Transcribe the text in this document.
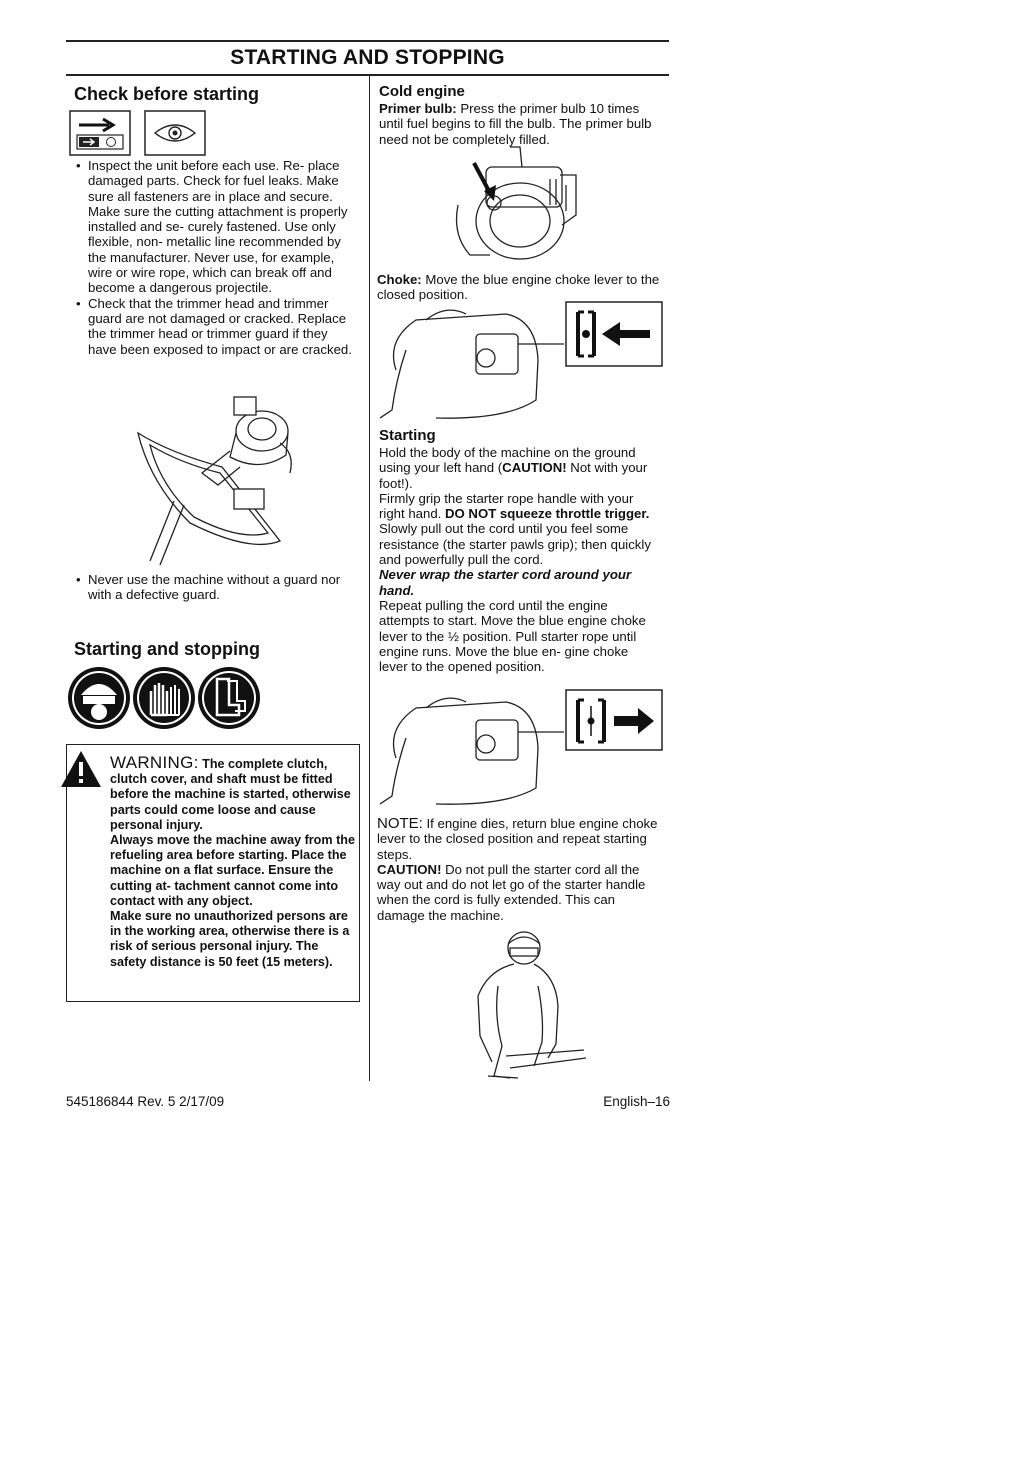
STARTING AND STOPPING
Check before starting
• Inspect the unit before each use. Re- place damaged parts. Check for fuel leaks. Make sure all fasteners are in place and secure. Make sure the cutting attachment is properly installed and se- curely fastened. Use only flexible, non- metallic line recommended by the manufacturer. Never use, for example, wire or wire rope, which can break off and become a dangerous projectile.
• Check that the trimmer head and trimmer guard are not damaged or cracked. Replace the trimmer head or trimmer guard if they have been exposed to impact or are cracked.
• Never use the machine without a guard nor with a defective guard.
Starting and stopping
WARNING: The complete clutch, clutch cover, and shaft must be fitted before the machine is started, otherwise parts could come loose and cause personal injury.
Always move the machine away from the refueling area before starting. Place the machine on a flat surface. Ensure the cutting at- tachment cannot come into contact with any object.
Make sure no unauthorized persons are in the working area, otherwise there is a risk of serious personal injury. The safety distance is 50 feet (15 meters).
Cold engine
Primer bulb: Press the primer bulb 10 times until fuel begins to fill the bulb. The primer bulb need not be completely filled.
Choke: Move the blue engine choke lever to the closed position.
Starting
Hold the body of the machine on the ground using your left hand (CAUTION! Not with your foot!).
Firmly grip the starter rope handle with your right hand. DO NOT squeeze throttle trigger. Slowly pull out the cord until you feel some resistance (the starter pawls grip); then quickly and powerfully pull the cord.
Never wrap the starter cord around your hand.
Repeat pulling the cord until the engine attempts to start. Move the blue engine choke lever to the ½ position. Pull starter rope until engine runs. Move the blue en- gine choke lever to the opened position.
NOTE: If engine dies, return blue engine choke lever to the closed position and repeat starting steps.
CAUTION! Do not pull the starter cord all the way out and do not let go of the starter handle when the cord is fully extended. This can damage the machine.
545186844 Rev. 5 2/17/09	English–16
